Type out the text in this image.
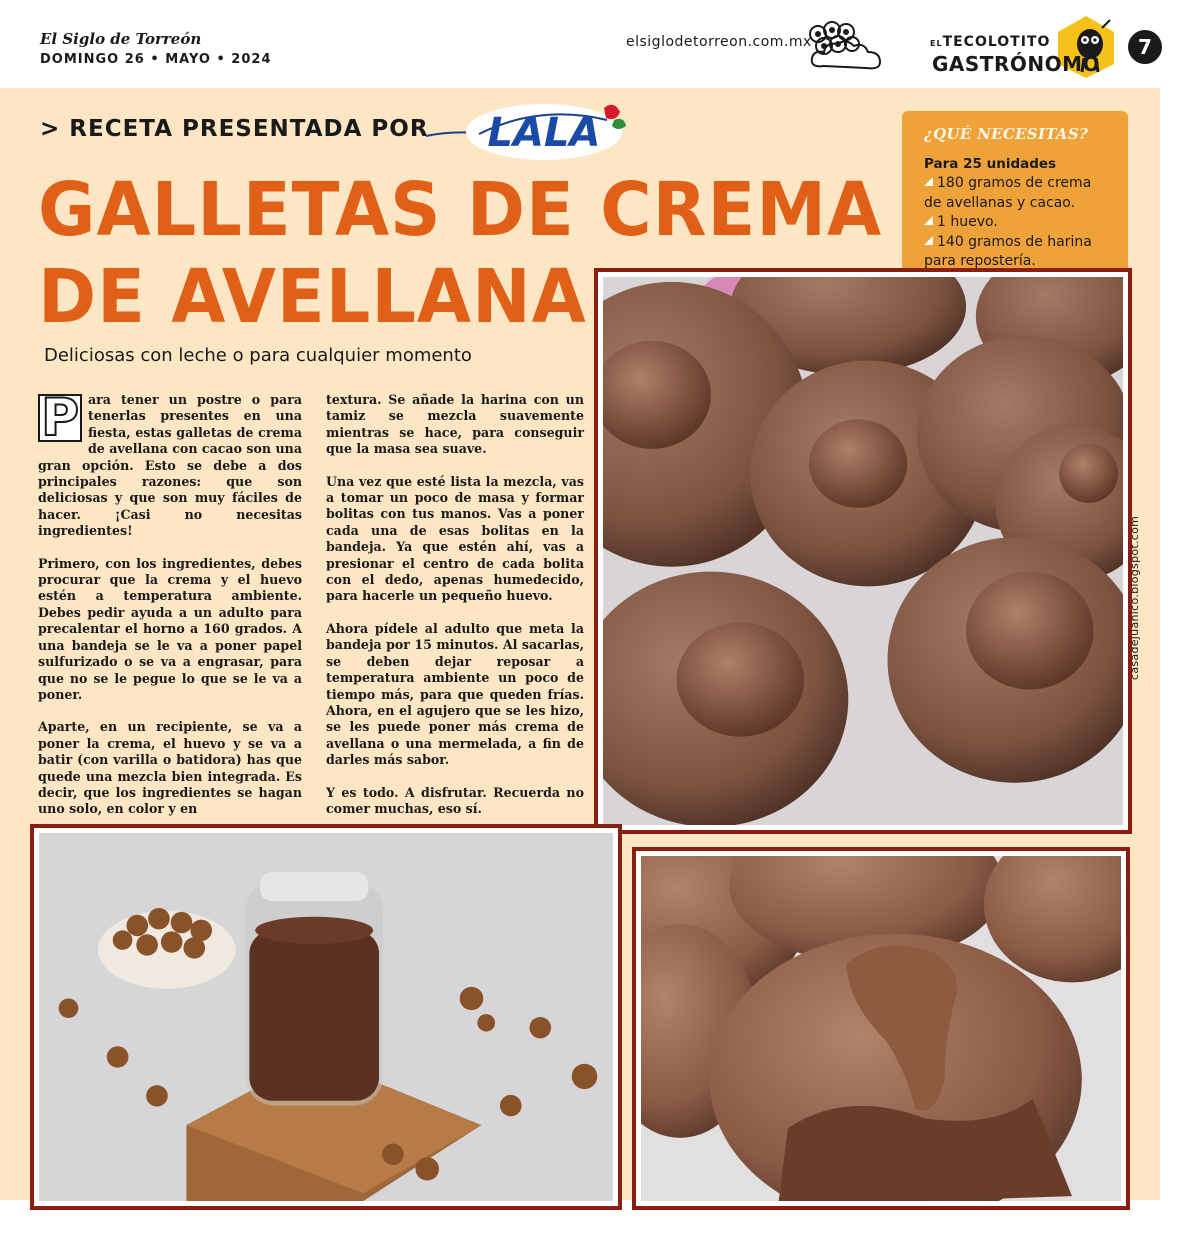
El Siglo de Torreón
DOMINGO 26 • MAYO • 2024
elsiglodetorreon.com.mx	ELTECOLOTITO
GASTRÓNOMO
7
> RECETA PRESENTADA POR LALA
GALLETAS DE CREMA
DE AVELLANA
Deliciosas con leche o para cualquier momento

P ara tener un postre o para tenerlas presentes en una fiesta, estas galletas de crema de avellana con cacao son una gran opción. Esto se debe a dos principales razones: que son deliciosas y que son muy fáciles de hacer. ¡Casi no necesitas ingredientes!

Primero, con los ingredientes, debes procurar que la crema y el huevo estén a temperatura ambiente. Debes pedir ayuda a un adulto para precalentar el horno a 160 grados. A una bandeja se le va a poner papel sulfurizado o se va a engrasar, para que no se le pegue lo que se le va a poner.

Aparte, en un recipiente, se va a poner la crema, el huevo y se va a batir (con varilla o batidora) has que quede una mezcla bien integrada. Es decir, que los ingredientes se hagan uno solo, en color y en

textura. Se añade la harina con un tamiz se mezcla suavemente mientras se hace, para conseguir que la masa sea suave.

Una vez que esté lista la mezcla, vas a tomar un poco de masa y formar bolitas con tus manos. Vas a poner cada una de esas bolitas en la bandeja. Ya que estén ahí, vas a presionar el centro de cada bolita con el dedo, apenas humedecido, para hacerle un pequeño huevo.

Ahora pídele al adulto que meta la bandeja por 15 minutos. Al sacarlas, se deben dejar reposar a temperatura ambiente un poco de tiempo más, para que queden frías. Ahora, en el agujero que se les hizo, se les puede poner más crema de avellana o una mermelada, a fin de darles más sabor.

Y es todo. A disfrutar. Recuerda no comer muchas, eso sí.

¿QUÉ NECESITAS?
Para 25 unidades
180 gramos de crema de avellanas y cacao.
1 huevo.
140 gramos de harina para repostería.
